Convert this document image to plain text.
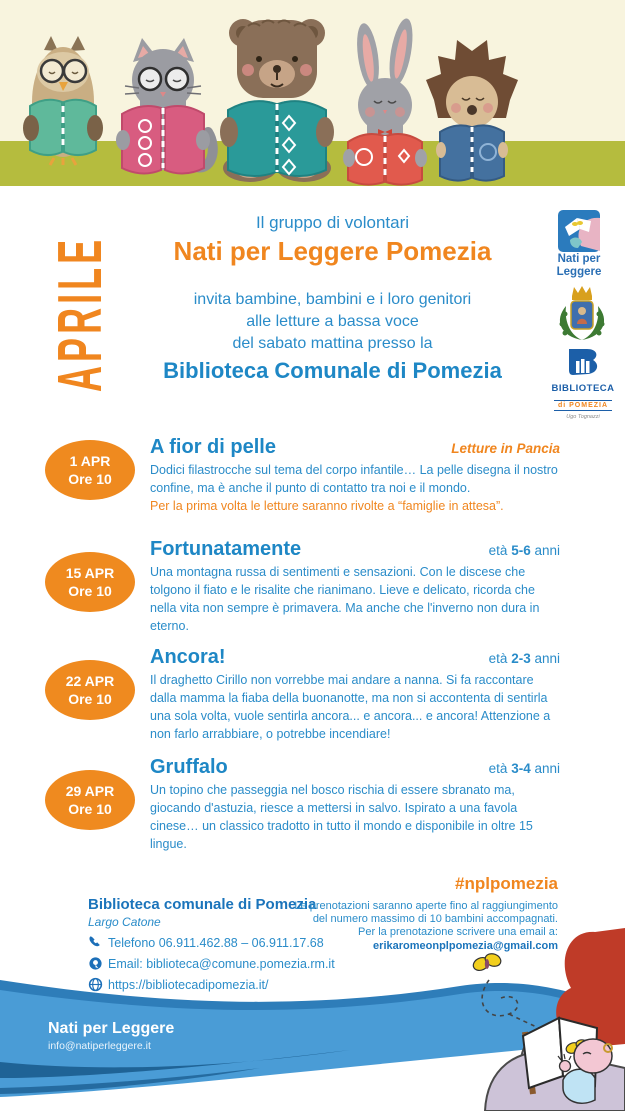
APRILE

Il gruppo di volontari

Nati per Leggere Pomezia

invita bambine, bambini e i loro genitori

alle letture a bassa voce

del sabato mattina presso la

Biblioteca Comunale di Pomezia

Nati per
Leggere
BIBLIOTECA
di POMEZIA
Ugo Tognazzi
1 APR
Ore 10
A fior di pelle	Letture in Pancia

Dodici filastrocche sul tema del corpo infantile… La pelle disegna il nostro confine, ma è anche il punto di contatto tra noi e il mondo.

Per la prima volta le letture saranno rivolte a “famiglie in attesa”.

15 APR
Ore 10
Fortunatamente	età 5-6 anni

Una montagna russa di sentimenti e sensazioni. Con le discese che tolgono il fiato e le risalite che rianimano. Lieve e delicato, ricorda che nella vita non sempre è primavera. Ma anche che l'inverno non dura in eterno.

22 APR
Ore 10
Ancora!	età 2-3 anni

Il draghetto Cirillo non vorrebbe mai andare a nanna. Si fa raccontare dalla mamma la fiaba della buonanotte, ma non si accontenta di sentirla una sola volta, vuole sentirla ancora... e ancora... e ancora! Attenzione a non farlo arrabbiare, o potrebbe incendiare!

29 APR
Ore 10
Gruffalo	età 3-4 anni

Un topino che passeggia nel bosco rischia di essere sbranato ma, giocando d'astuzia, riesce a mettersi in salvo. Ispirato a una favola cinese… un classico tradotto in tutto il mondo e disponibile in oltre 15 lingue.

Biblioteca comunale di Pomezia

Largo Catone

Telefono 06.911.462.88 – 06.911.17.68
Email: biblioteca@comune.pomezia.rm.it
https://bibliotecadipomezia.it/

#nplpomezia

Le prenotazioni saranno aperte fino al raggiungimento
del numero massimo di 10 bambini accompagnati.
Per la prenotazione scrivere una email a:
erikaromeonplpomezia@gmail.com
Nati per Leggere
info@natiperleggere.it
